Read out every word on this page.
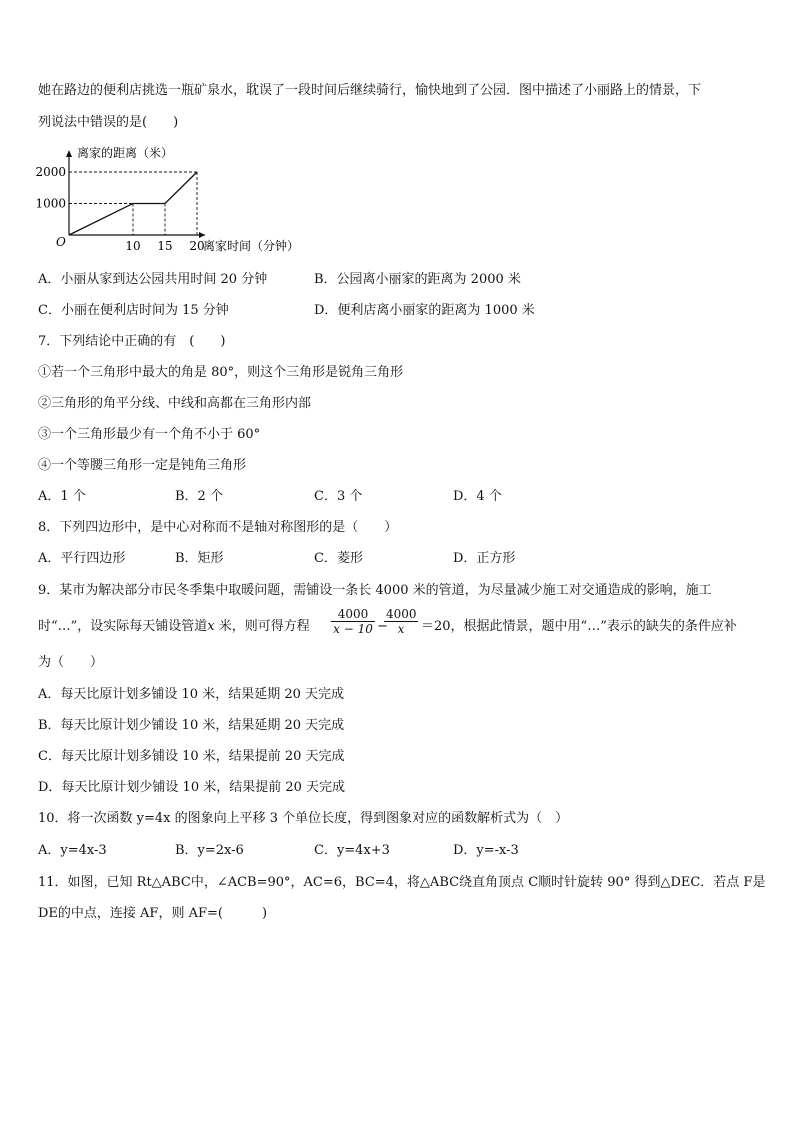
她在路边的便利店挑选一瓶矿泉水，耽误了一段时间后继续骑行，愉快地到了公园．图中描述了小丽路上的情景，下
列说法中错误的是(　　)
离家的距离（米）
离家时间（分钟）
O	10 15 20
1000
2000
A．小丽从家到达公园共用时间 20 分钟	B．公园离小丽家的距离为 2000 米
C．小丽在便利店时间为 15 分钟	D．便利店离小丽家的距离为 1000 米
7．下列结论中正确的有　(　　)
①若一个三角形中最大的角是 80°，则这个三角形是锐角三角形
②三角形的角平分线、中线和高都在三角形内部
③一个三角形最少有一个角不小于 60°
④一个等腰三角形一定是钝角三角形
A．1 个	B．2 个	C．3 个	D．4 个
8．下列四边形中，是中心对称而不是轴对称图形的是（　　）
A．平行四边形	B．矩形	C．菱形	D．正方形
9．某市为解决部分市民冬季集中取暖问题，需铺设一条长 4000 米的管道，为尽量减少施工对交通造成的影响，施工
时“…”，设实际每天铺设管道x 米，则可得方程 $\frac{4000}{x - 10}$ −
$\frac{4000}{x} =20$，根据此情景，题中用“…”表示的缺失的条件应补
为（　　）
A．每天比原计划多铺设 10 米，结果延期 20 天完成
B．每天比原计划少铺设 10 米，结果延期 20 天完成
C．每天比原计划多铺设 10 米，结果提前 20 天完成
D．每天比原计划少铺设 10 米，结果提前 20 天完成
10．将一次函数 y=4x 的图象向上平移 3 个单位长度，得到图象对应的函数解析式为（　）
A．y=4x-3	B．y=2x-6	C．y=4x+3	D．y=-x-3
11．如图，已知 Rt△ABC中，∠ACB=90°，AC=6，BC=4，将△ABC绕直角顶点 C顺时针旋转 90° 得到△DEC．若点 F是
DE的中点，连接 AF，则 AF=(　　　)
